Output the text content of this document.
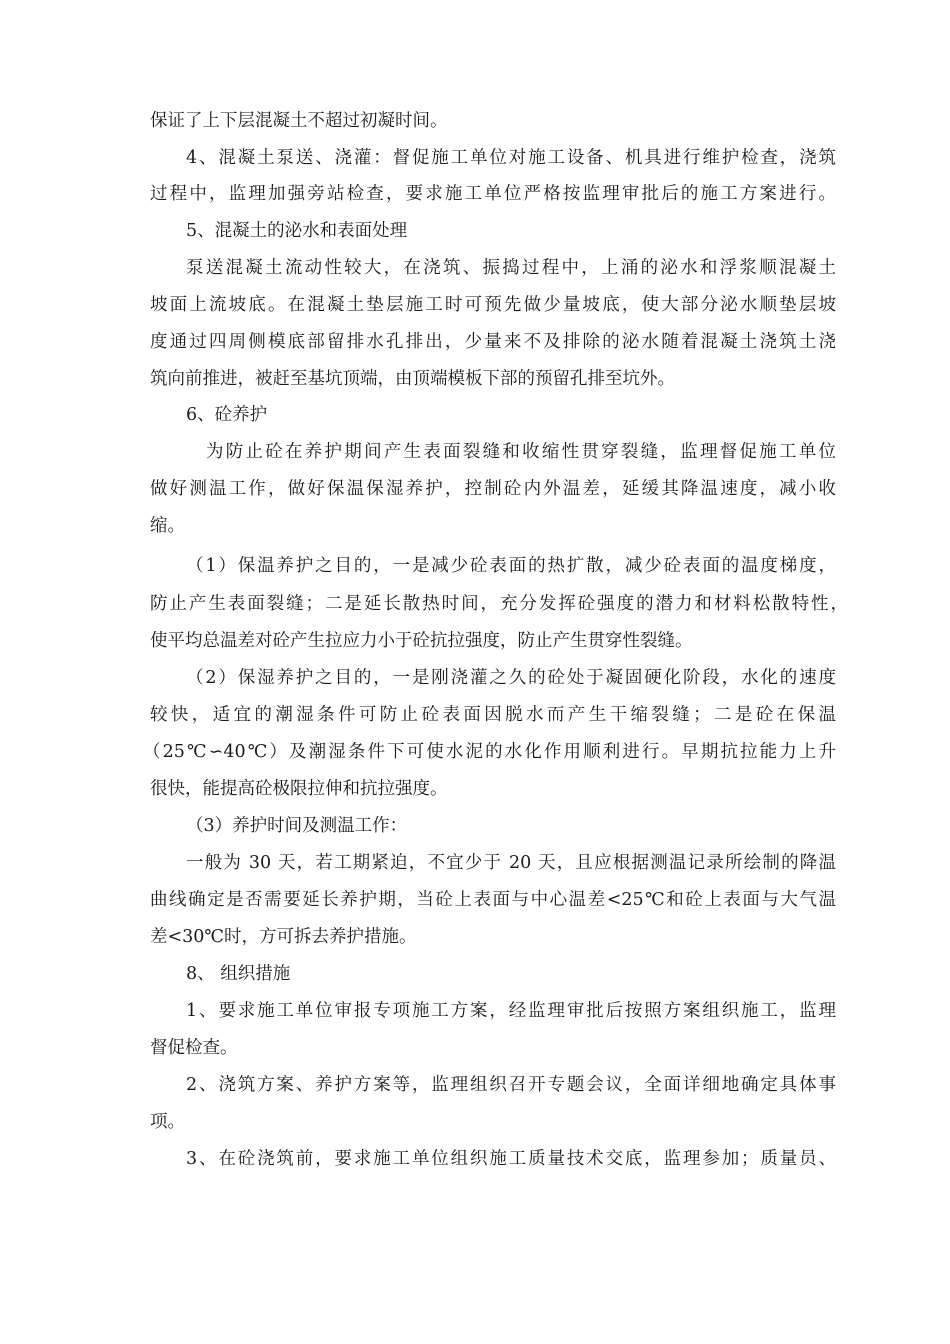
保证了上下层混凝土不超过初凝时间。
4、混凝土泵送、浇灌：督促施工单位对施工设备、机具进行维护检查，浇筑
过程中，监理加强旁站检查，要求施工单位严格按监理审批后的施工方案进行。
5、混凝土的泌水和表面处理
泵送混凝土流动性较大，在浇筑、振捣过程中，上涌的泌水和浮浆顺混凝土
坡面上流坡底。在混凝土垫层施工时可预先做少量坡底，使大部分泌水顺垫层坡
度通过四周侧模底部留排水孔排出，少量来不及排除的泌水随着混凝土浇筑土浇
筑向前推进，被赶至基坑顶端，由顶端模板下部的预留孔排至坑外。
6、砼养护
为防止砼在养护期间产生表面裂缝和收缩性贯穿裂缝，监理督促施工单位
做好测温工作，做好保温保湿养护，控制砼内外温差，延缓其降温速度，减小收
缩。
（1）保温养护之目的，一是减少砼表面的热扩散，减少砼表面的温度梯度，
防止产生表面裂缝；二是延长散热时间，充分发挥砼强度的潜力和材料松散特性，
使平均总温差对砼产生拉应力小于砼抗拉强度，防止产生贯穿性裂缝。
（2）保湿养护之目的，一是刚浇灌之久的砼处于凝固硬化阶段，水化的速度
较快，适宜的潮湿条件可防止砼表面因脱水而产生干缩裂缝；二是砼在保温
（25℃∽40℃）及潮湿条件下可使水泥的水化作用顺利进行。早期抗拉能力上升
很快，能提高砼极限拉伸和抗拉强度。
（3）养护时间及测温工作：
一般为 30 天，若工期紧迫，不宜少于 20 天，且应根据测温记录所绘制的降温
曲线确定是否需要延长养护期，当砼上表面与中心温差<25℃和砼上表面与大气温
差<30℃时，方可拆去养护措施。
8、 组织措施
1、要求施工单位审报专项施工方案，经监理审批后按照方案组织施工，监理
督促检查。
2、浇筑方案、养护方案等，监理组织召开专题会议，全面详细地确定具体事
项。
3、在砼浇筑前，要求施工单位组织施工质量技术交底，监理参加；质量员、
